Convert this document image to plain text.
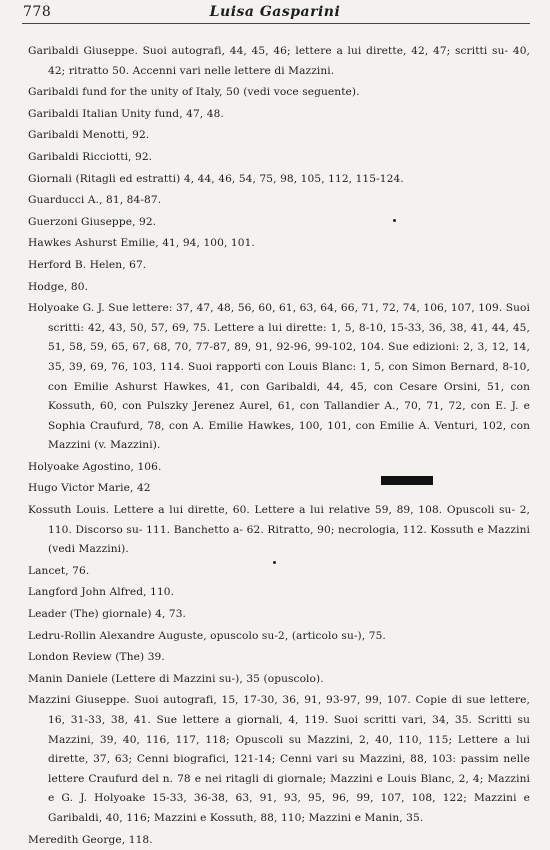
778	Luisa Gasparini
Garibaldi Giuseppe. Suoi autografi, 44, 45, 46; lettere a lui dirette, 42, 47; scritti su- 40, 42; ritratto 50. Accenni vari nelle lettere di Mazzini.
Garibaldi fund for the unity of Italy, 50 (vedi voce seguente).
Garibaldi Italian Unity fund, 47, 48.
Garibaldi Menotti, 92.
Garibaldi Ricciotti, 92.
Giornali (Ritagli ed estratti) 4, 44, 46, 54, 75, 98, 105, 112, 115-124.
Guarducci A., 81, 84-87.
Guerzoni Giuseppe, 92.
Hawkes Ashurst Emilie, 41, 94, 100, 101.
Herford B. Helen, 67.
Hodge, 80.
Holyoake G. J. Sue lettere: 37, 47, 48, 56, 60, 61, 63, 64, 66, 71, 72, 74, 106, 107, 109. Suoi scritti: 42, 43, 50, 57, 69, 75. Lettere a lui dirette: 1, 5, 8-10, 15-33, 36, 38, 41, 44, 45, 51, 58, 59, 65, 67, 68, 70, 77-87, 89, 91, 92-96, 99-102, 104. Sue edizioni: 2, 3, 12, 14, 35, 39, 69, 76, 103, 114. Suoi rapporti con Louis Blanc: 1, 5, con Simon Bernard, 8-10, con Emilie Ashurst Hawkes, 41, con Garibaldi, 44, 45, con Cesare Orsini, 51, con Kossuth, 60, con Pulszky Jerenez Aurel, 61, con Tallandier A., 70, 71, 72, con E. J. e Sophia Craufurd, 78, con A. Emilie Hawkes, 100, 101, con Emilie A. Venturi, 102, con Mazzini (v. Mazzini).
Holyoake Agostino, 106.
Hugo Victor Marie, 42
Kossuth Louis. Lettere a lui dirette, 60. Lettere a lui relative 59, 89, 108. Opuscoli su- 2, 110. Discorso su- 111. Banchetto a- 62. Ritratto, 90; necrologia, 112. Kossuth e Mazzini (vedi Mazzini).
Lancet, 76.
Langford John Alfred, 110.
Leader (The) giornale) 4, 73.
Ledru-Rollin Alexandre Auguste, opuscolo su-2, (articolo su-), 75.
London Review (The) 39.
Manin Daniele (Lettere di Mazzini su-), 35 (opuscolo).
Mazzini Giuseppe. Suoi autografi, 15, 17-30, 36, 91, 93-97, 99, 107. Copie di sue lettere, 16, 31-33, 38, 41. Sue lettere a giornali, 4, 119. Suoi scritti vari, 34, 35. Scritti su Mazzini, 39, 40, 116, 117, 118; Opuscoli su Mazzini, 2, 40, 110, 115; Lettere a lui dirette, 37, 63; Cenni biografici, 121-14; Cenni vari su Mazzini, 88, 103: passim nelle lettere Craufurd del n. 78 e nei ritagli di giornale; Mazzini e Louis Blanc, 2, 4; Mazzini e G. J. Holyoake 15-33, 36-38, 63, 91, 93, 95, 96, 99, 107, 108, 122; Mazzini e Garibaldi, 40, 116; Mazzini e Kossuth, 88, 110; Mazzini e Manin, 35.
Meredith George, 118.
